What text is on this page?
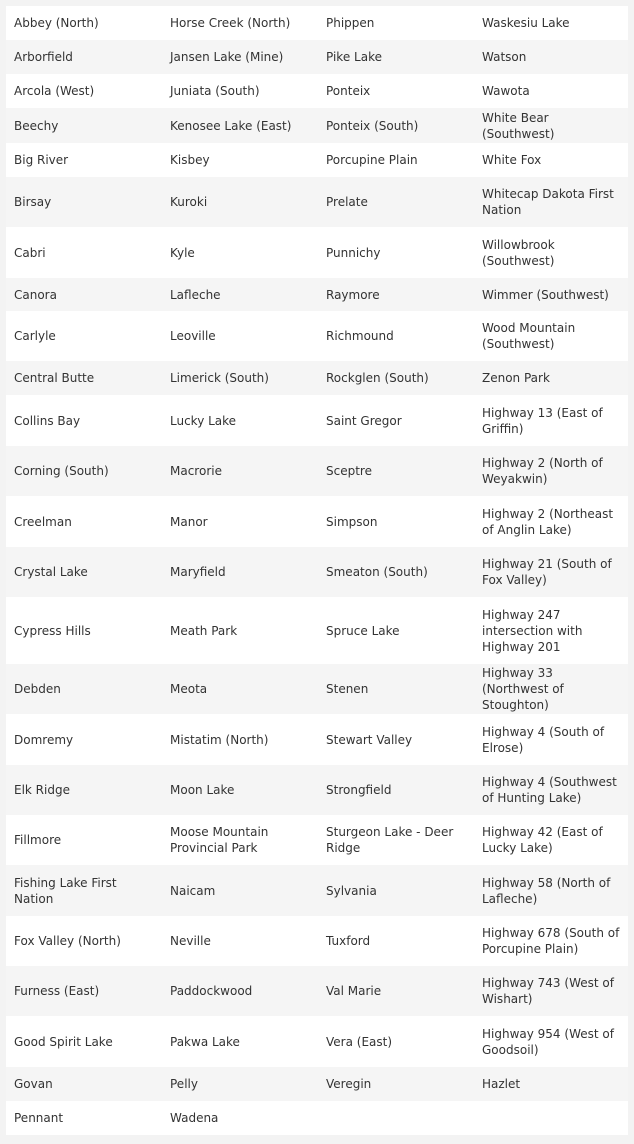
Abbey (North)	Horse Creek (North)	Phippen	Waskesiu Lake
Arborfield	Jansen Lake (Mine)	Pike Lake	Watson
Arcola (West)	Juniata (South)	Ponteix	Wawota
Beechy	Kenosee Lake (East)	Ponteix (South)	White Bear (Southwest)
Big River	Kisbey	Porcupine Plain	White Fox
Birsay	Kuroki	Prelate	Whitecap Dakota First Nation
Cabri	Kyle	Punnichy	Willowbrook (Southwest)
Canora	Lafleche	Raymore	Wimmer (Southwest)
Carlyle	Leoville	Richmound	Wood Mountain (Southwest)
Central Butte	Limerick (South)	Rockglen (South)	Zenon Park
Collins Bay	Lucky Lake	Saint Gregor	Highway 13 (East of Griffin)
Corning (South)	Macrorie	Sceptre	Highway 2 (North of Weyakwin)
Creelman	Manor	Simpson	Highway 2 (Northeast of Anglin Lake)
Crystal Lake	Maryfield	Smeaton (South)	Highway 21 (South of Fox Valley)
Cypress Hills	Meath Park	Spruce Lake	Highway 247 intersection with Highway 201
Debden	Meota	Stenen	Highway 33 (Northwest of Stoughton)
Domremy	Mistatim (North)	Stewart Valley	Highway 4 (South of Elrose)
Elk Ridge	Moon Lake	Strongfield	Highway 4 (Southwest of Hunting Lake)
Fillmore	Moose Mountain Provincial Park	Sturgeon Lake - Deer Ridge	Highway 42 (East of Lucky Lake)
Fishing Lake First Nation	Naicam	Sylvania	Highway 58 (North of Lafleche)
Fox Valley (North)	Neville	Tuxford	Highway 678 (South of Porcupine Plain)
Furness (East)	Paddockwood	Val Marie	Highway 743 (West of Wishart)
Good Spirit Lake	Pakwa Lake	Vera (East)	Highway 954 (West of Goodsoil)
Govan	Pelly	Veregin	Hazlet
Pennant	Wadena		
